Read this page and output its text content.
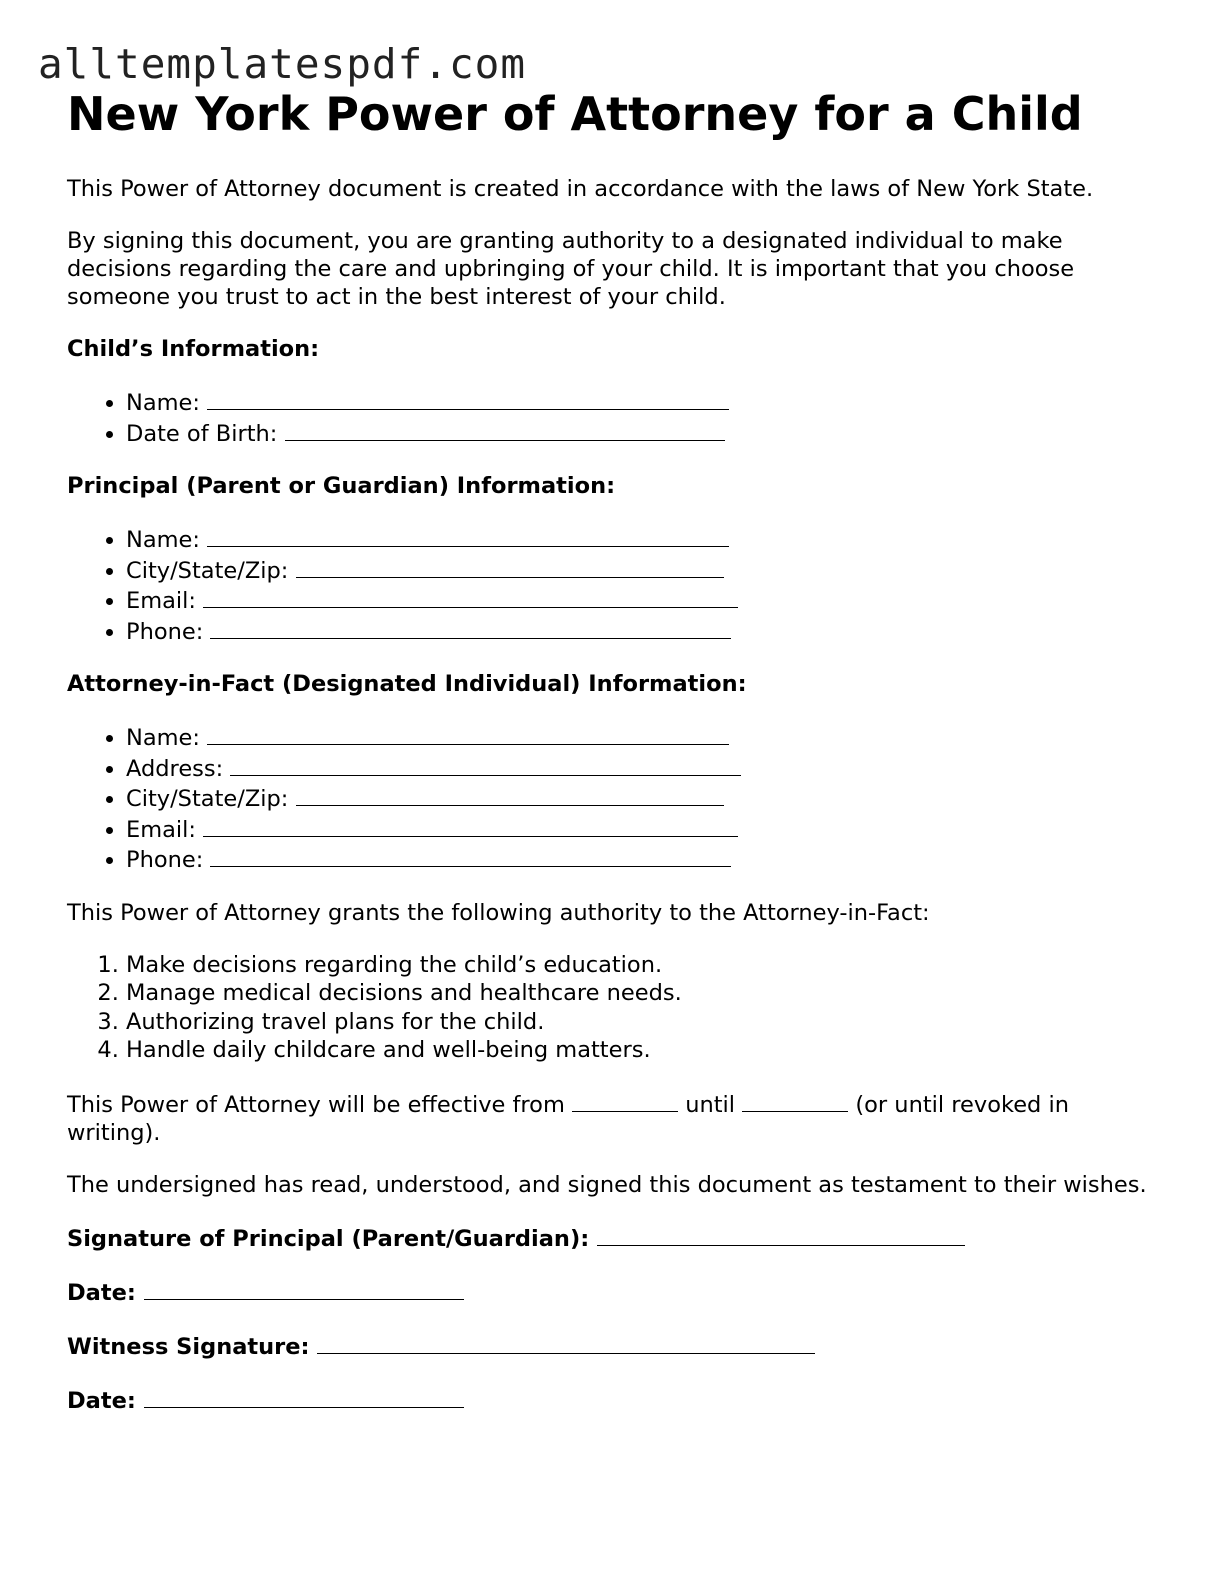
alltemplatespdf.com
New York Power of Attorney for a Child

This Power of Attorney document is created in accordance with the laws of New York State.

By signing this document, you are granting authority to a designated individual to make decisions regarding the care and upbringing of your child. It is important that you choose someone you trust to act in the best interest of your child.

Child’s Information:
• Name:
• Date of Birth:
Principal (Parent or Guardian) Information:
• Name:
• City/State/Zip:
• Email:
• Phone:
Attorney-in-Fact (Designated Individual) Information:
• Name:
• Address:
• City/State/Zip:
• Email:
• Phone:

This Power of Attorney grants the following authority to the Attorney-in-Fact:

1. Make decisions regarding the child’s education.
2. Manage medical decisions and healthcare needs.
3. Authorizing travel plans for the child.
4. Handle daily childcare and well-being matters.

This Power of Attorney will be effective from	until	(or until revoked in writing).

The undersigned has read, understood, and signed this document as testament to their wishes.

Signature of Principal (Parent/Guardian):
Date:
Witness Signature:
Date:
